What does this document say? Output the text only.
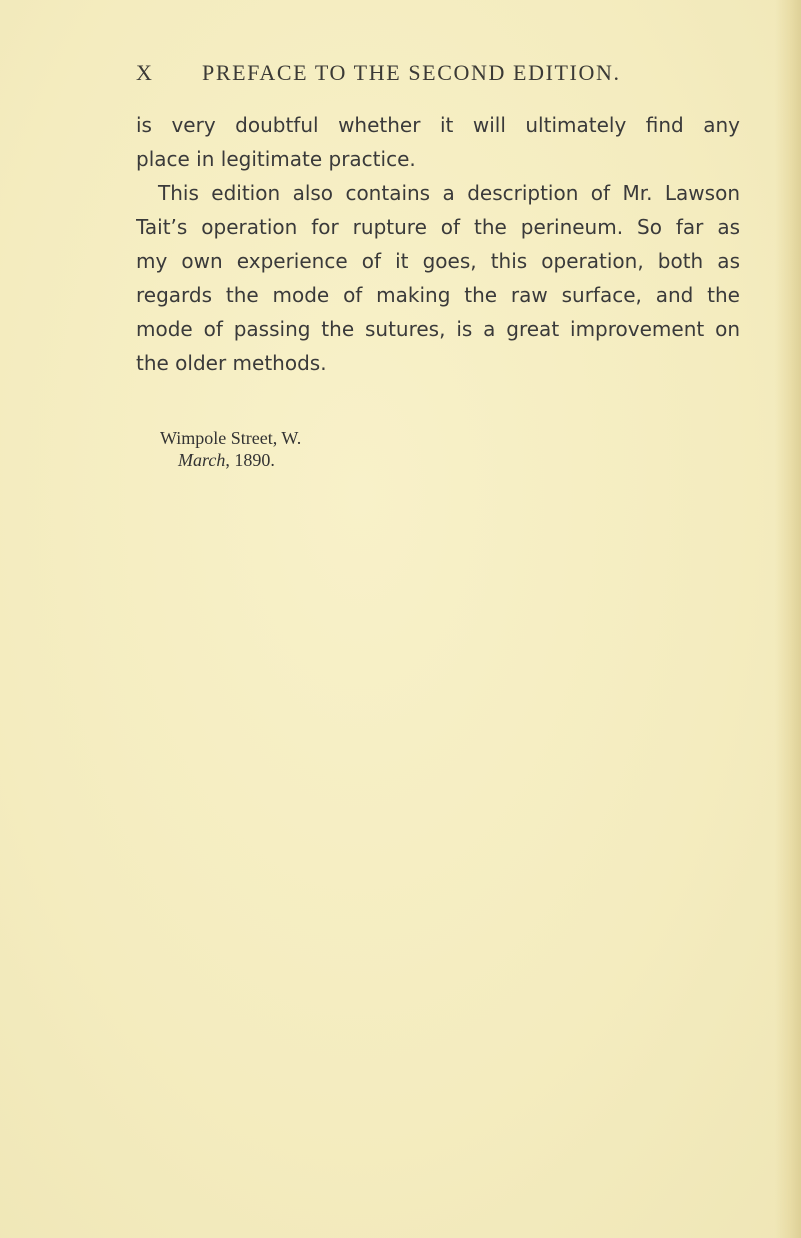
X PREFACE TO THE SECOND EDITION.
is very doubtful whether it will ultimately find any
place in legitimate practice.
This edition also contains a description of Mr. Lawson
Tait’s operation for rupture of the perineum. So far as
my own experience of it goes, this operation, both as
regards the mode of making the raw surface, and the
mode of passing the sutures, is a great improvement on
the older methods.
Wimpole Street, W.
March, 1890.
